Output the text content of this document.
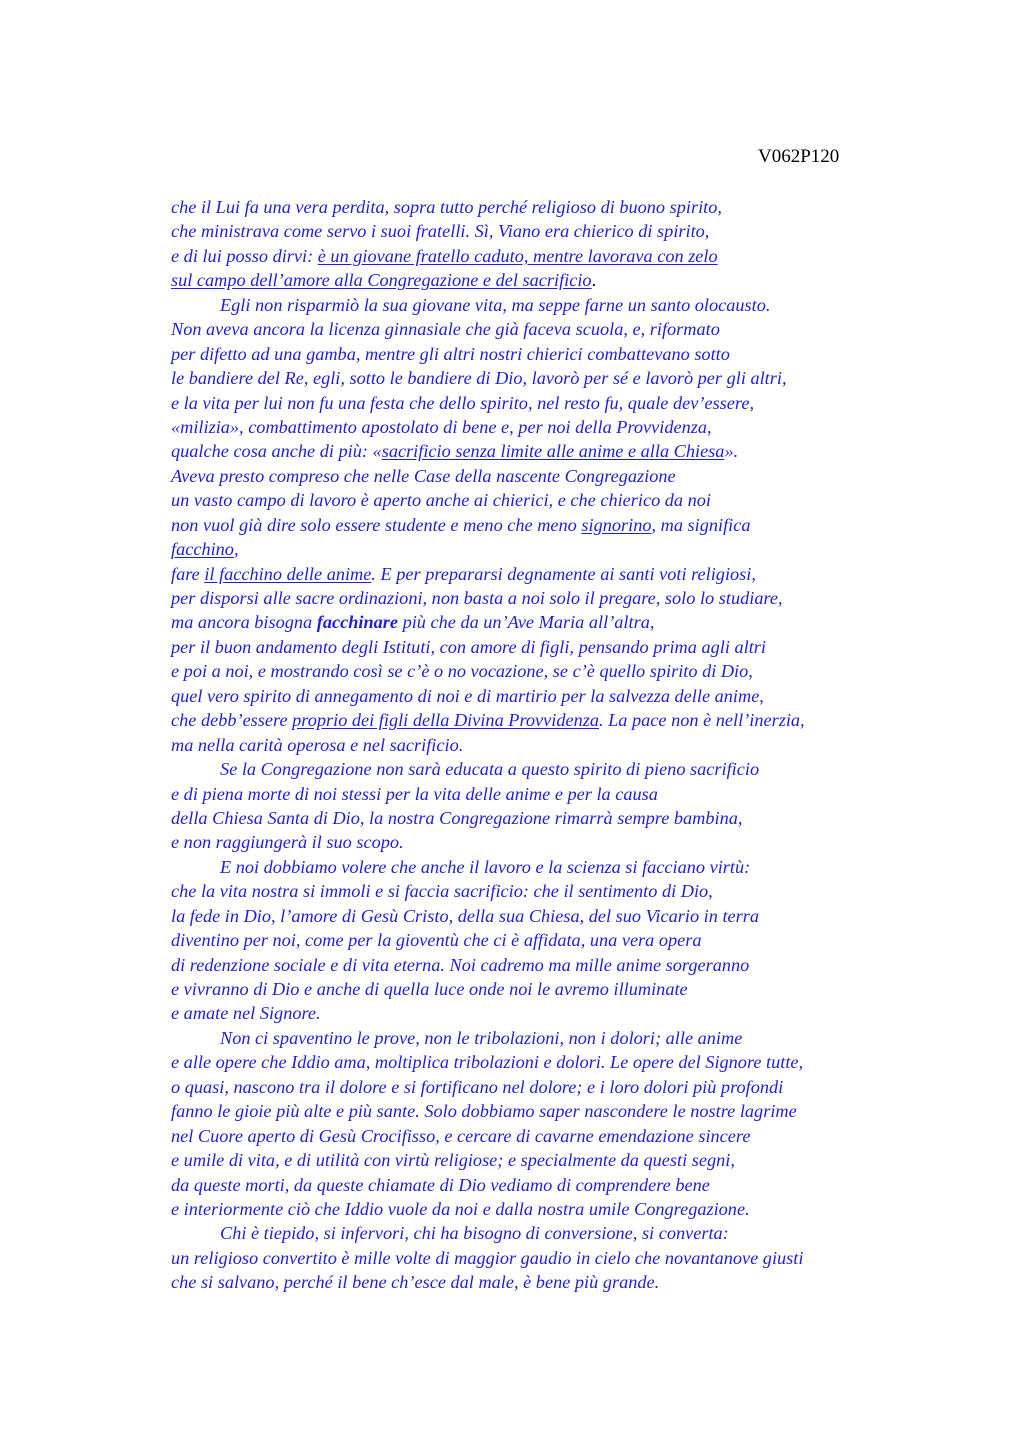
V062P120
che il Lui fa una vera perdita, sopra tutto perché religioso di buono spirito,
che ministrava come servo i suoi fratelli. Sì, Viano era chierico di spirito,
e di lui posso dirvi: è un giovane fratello caduto, mentre lavorava con zelo
sul campo dell’amore alla Congregazione e del sacrificio.
Egli non risparmiò la sua giovane vita, ma seppe farne un santo olocausto.
Non aveva ancora la licenza ginnasiale che già faceva scuola, e, riformato
per difetto ad una gamba, mentre gli altri nostri chierici combattevano sotto
le bandiere del Re, egli, sotto le bandiere di Dio, lavorò per sé e lavorò per gli altri,
e la vita per lui non fu una festa che dello spirito, nel resto fu, quale dev’essere,
«milizia», combattimento apostolato di bene e, per noi della Provvidenza,
qualche cosa anche di più: «sacrificio senza limite alle anime e alla Chiesa».
Aveva presto compreso che nelle Case della nascente Congregazione
un vasto campo di lavoro è aperto anche ai chierici, e che chierico da noi
non vuol già dire solo essere studente e meno che meno signorino, ma significa
facchino,
fare il facchino delle anime. E per prepararsi degnamente ai santi voti religiosi,
per disporsi alle sacre ordinazioni, non basta a noi solo il pregare, solo lo studiare,
ma ancora bisogna facchinare più che da un’Ave Maria all’altra,
per il buon andamento degli Istituti, con amore di figli, pensando prima agli altri
e poi a noi, e mostrando così se c’è o no vocazione, se c’è quello spirito di Dio,
quel vero spirito di annegamento di noi e di martirio per la salvezza delle anime,
che debb’essere proprio dei figli della Divina Provvidenza. La pace non è nell’inerzia,
ma nella carità operosa e nel sacrificio.
Se la Congregazione non sarà educata a questo spirito di pieno sacrificio
e di piena morte di noi stessi per la vita delle anime e per la causa
della Chiesa Santa di Dio, la nostra Congregazione rimarrà sempre bambina,
e non raggiungerà il suo scopo.
E noi dobbiamo volere che anche il lavoro e la scienza si facciano virtù:
che la vita nostra si immoli e si faccia sacrificio: che il sentimento di Dio,
la fede in Dio, l’amore di Gesù Cristo, della sua Chiesa, del suo Vicario in terra
diventino per noi, come per la gioventù che ci è affidata, una vera opera
di redenzione sociale e di vita eterna. Noi cadremo ma mille anime sorgeranno
e vivranno di Dio e anche di quella luce onde noi le avremo illuminate
e amate nel Signore.
Non ci spaventino le prove, non le tribolazioni, non i dolori; alle anime
e alle opere che Iddio ama, moltiplica tribolazioni e dolori. Le opere del Signore tutte,
o quasi, nascono tra il dolore e si fortificano nel dolore; e i loro dolori più profondi
fanno le gioie più alte e più sante. Solo dobbiamo saper nascondere le nostre lagrime
nel Cuore aperto di Gesù Crocifisso, e cercare di cavarne emendazione sincere
e umile di vita, e di utilità con virtù religiose; e specialmente da questi segni,
da queste morti, da queste chiamate di Dio vediamo di comprendere bene
e interiormente ciò che Iddio vuole da noi e dalla nostra umile Congregazione.
Chi è tiepido, si infervori, chi ha bisogno di conversione, si converta:
un religioso convertito è mille volte di maggior gaudio in cielo che novantanove giusti
che si salvano, perché il bene ch’esce dal male, è bene più grande.
